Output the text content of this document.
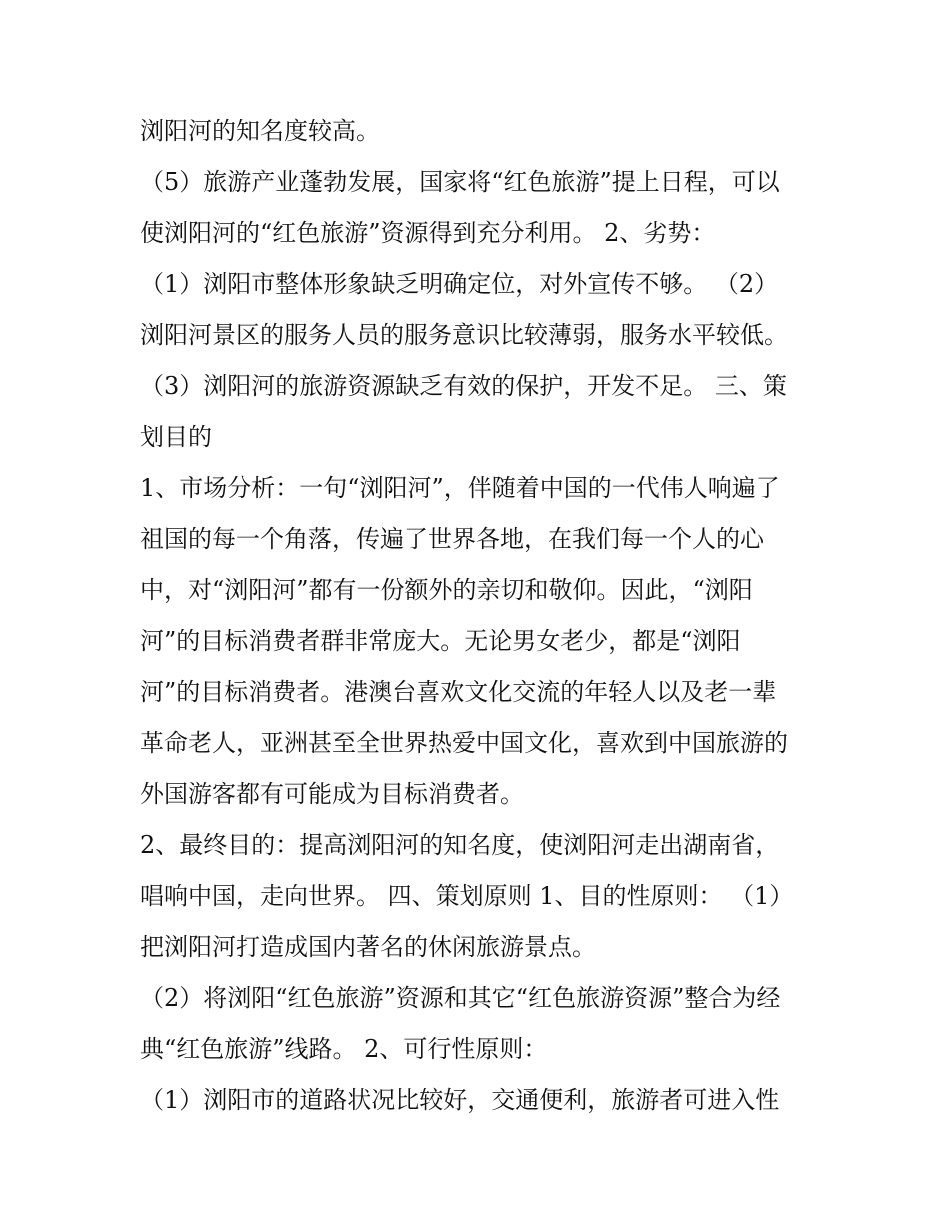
浏阳河的知名度较高。
（5）旅游产业蓬勃发展，国家将“红色旅游”提上日程，可以
使浏阳河的“红色旅游”资源得到充分利用。 2、劣势：
（1）浏阳市整体形象缺乏明确定位，对外宣传不够。 （2）
浏阳河景区的服务人员的服务意识比较薄弱，服务水平较低。
（3）浏阳河的旅游资源缺乏有效的保护，开发不足。 三、策
划目的
1、市场分析：一句“浏阳河”，伴随着中国的一代伟人响遍了
祖国的每一个角落，传遍了世界各地，在我们每一个人的心
中，对“浏阳河”都有一份额外的亲切和敬仰。因此，“浏阳
河”的目标消费者群非常庞大。无论男女老少，都是“浏阳
河”的目标消费者。港澳台喜欢文化交流的年轻人以及老一辈
革命老人，亚洲甚至全世界热爱中国文化，喜欢到中国旅游的
外国游客都有可能成为目标消费者。
2、最终目的：提高浏阳河的知名度，使浏阳河走出湖南省，
唱响中国，走向世界。 四、策划原则 1、目的性原则： （1）
把浏阳河打造成国内著名的休闲旅游景点。
（2）将浏阳“红色旅游”资源和其它“红色旅游资源”整合为经
典“红色旅游”线路。 2、可行性原则：
（1）浏阳市的道路状况比较好，交通便利，旅游者可进入性
